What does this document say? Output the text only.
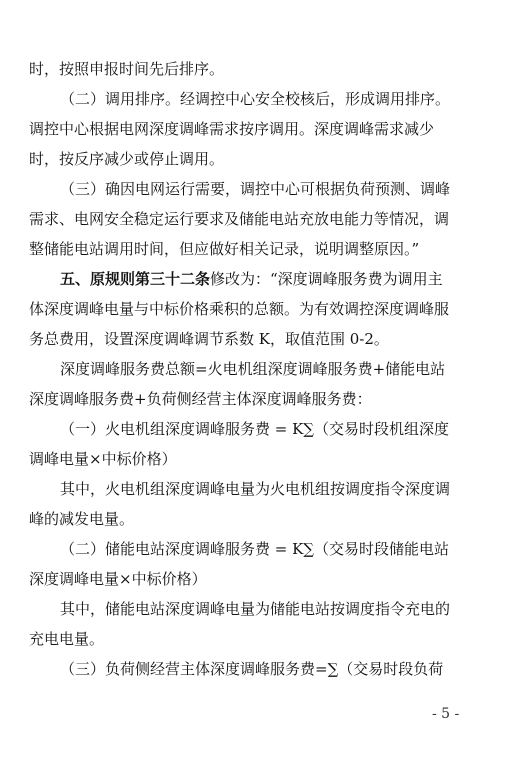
时，按照申报时间先后排序。
（二）调用排序。经调控中心安全校核后，形成调用排序。
调控中心根据电网深度调峰需求按序调用。深度调峰需求减少
时，按反序减少或停止调用。
（三）确因电网运行需要，调控中心可根据负荷预测、调峰
需求、电网安全稳定运行要求及储能电站充放电能力等情况，调
整储能电站调用时间，但应做好相关记录，说明调整原因。”
五、原规则第三十二条修改为：“深度调峰服务费为调用主
体深度调峰电量与中标价格乘积的总额。为有效调控深度调峰服
务总费用，设置深度调峰调节系数 K，取值范围 0-2。
深度调峰服务费总额=火电机组深度调峰服务费+储能电站
深度调峰服务费+负荷侧经营主体深度调峰服务费：
（一）火电机组深度调峰服务费 = K∑（交易时段机组深度
调峰电量×中标价格）
其中，火电机组深度调峰电量为火电机组按调度指令深度调
峰的减发电量。
（二）储能电站深度调峰服务费 = K∑（交易时段储能电站
深度调峰电量×中标价格）
其中，储能电站深度调峰电量为储能电站按调度指令充电的
充电电量。
（三）负荷侧经营主体深度调峰服务费=∑（交易时段负荷
- 5 -
